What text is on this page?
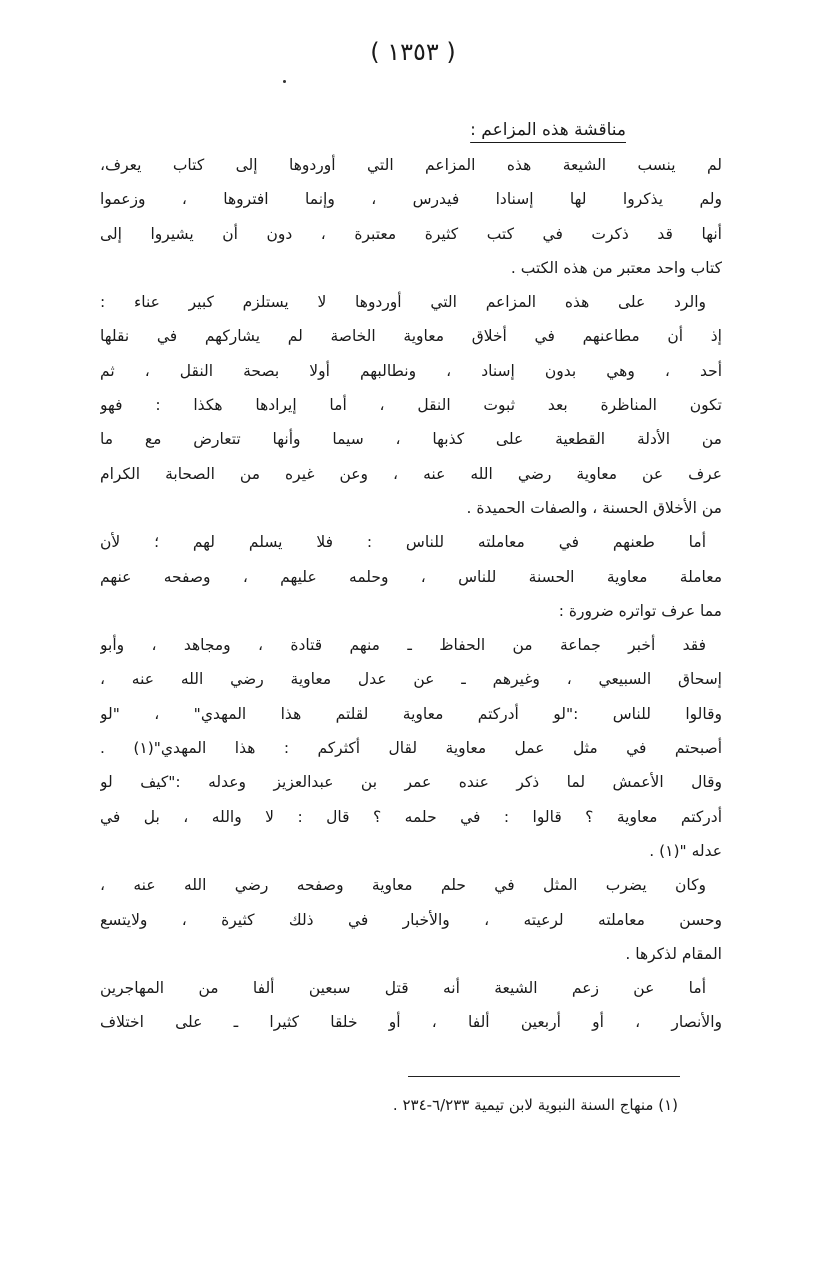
( ١٣٥٣ )
مناقشة هذه المزاعم :
لم ينسب الشيعة هذه المزاعم التي أوردوها إلى كتاب يعرف،
ولم يذكروا لها إسنادا فيدرس ، وإنما افتروها ، وزعموا
أنها قد ذكرت في كتب كثيرة معتبرة ، دون أن يشيروا إلى
كتاب واحد معتبر من هذه الكتب .
والرد على هذه المزاعم التي أوردوها لا يستلزم كبير عناء :
إذ أن مطاعنهم في أخلاق معاوية الخاصة لم يشاركهم في نقلها
أحد ، وهي بدون إسناد ، ونطالبهم أولا بصحة النقل ، ثم
تكون المناظرة بعد ثبوت النقل ، أما إيرادها هكذا : فهو
من الأدلة القطعية على كذبها ، سيما وأنها تتعارض مع ما
عرف عن معاوية رضي الله عنه ، وعن غيره من الصحابة الكرام
من الأخلاق الحسنة ، والصفات الحميدة .
أما طعنهم في معاملته للناس : فلا يسلم لهم ؛ لأن
معاملة معاوية الحسنة للناس ، وحلمه عليهم ، وصفحه عنهم
مما عرف تواتره ضرورة :
فقد أخبر جماعة من الحفاظ ـ منهم قتادة ، ومجاهد ، وأبو
إسحاق السبيعي ، وغيرهم ـ عن عدل معاوية رضي الله عنه ،
وقالوا للناس :"لو أدركتم معاوية لقلتم هذا المهدي" ، "لو
أصبحتم في مثل عمل معاوية لقال أكثركم : هذا المهدي"(١) .
وقال الأعمش لما ذكر عنده عمر بن عبدالعزيز وعدله :"كيف لو
أدركتم معاوية ؟ قالوا : في حلمه ؟ قال : لا والله ، بل في
عدله "(١) .
وكان يضرب المثل في حلم معاوية وصفحه رضي الله عنه ،
وحسن معاملته لرعيته ، والأخبار في ذلك كثيرة ، ولايتسع
المقام لذكرها .
أما عن زعم الشيعة أنه قتل سبعين ألفا من المهاجرين
والأنصار ، أو أربعين ألفا ، أو خلقا كثيرا ـ على اختلاف
(١) منهاج السنة النبوية لابن تيمية ٦/٢٣٣-٢٣٤ .
